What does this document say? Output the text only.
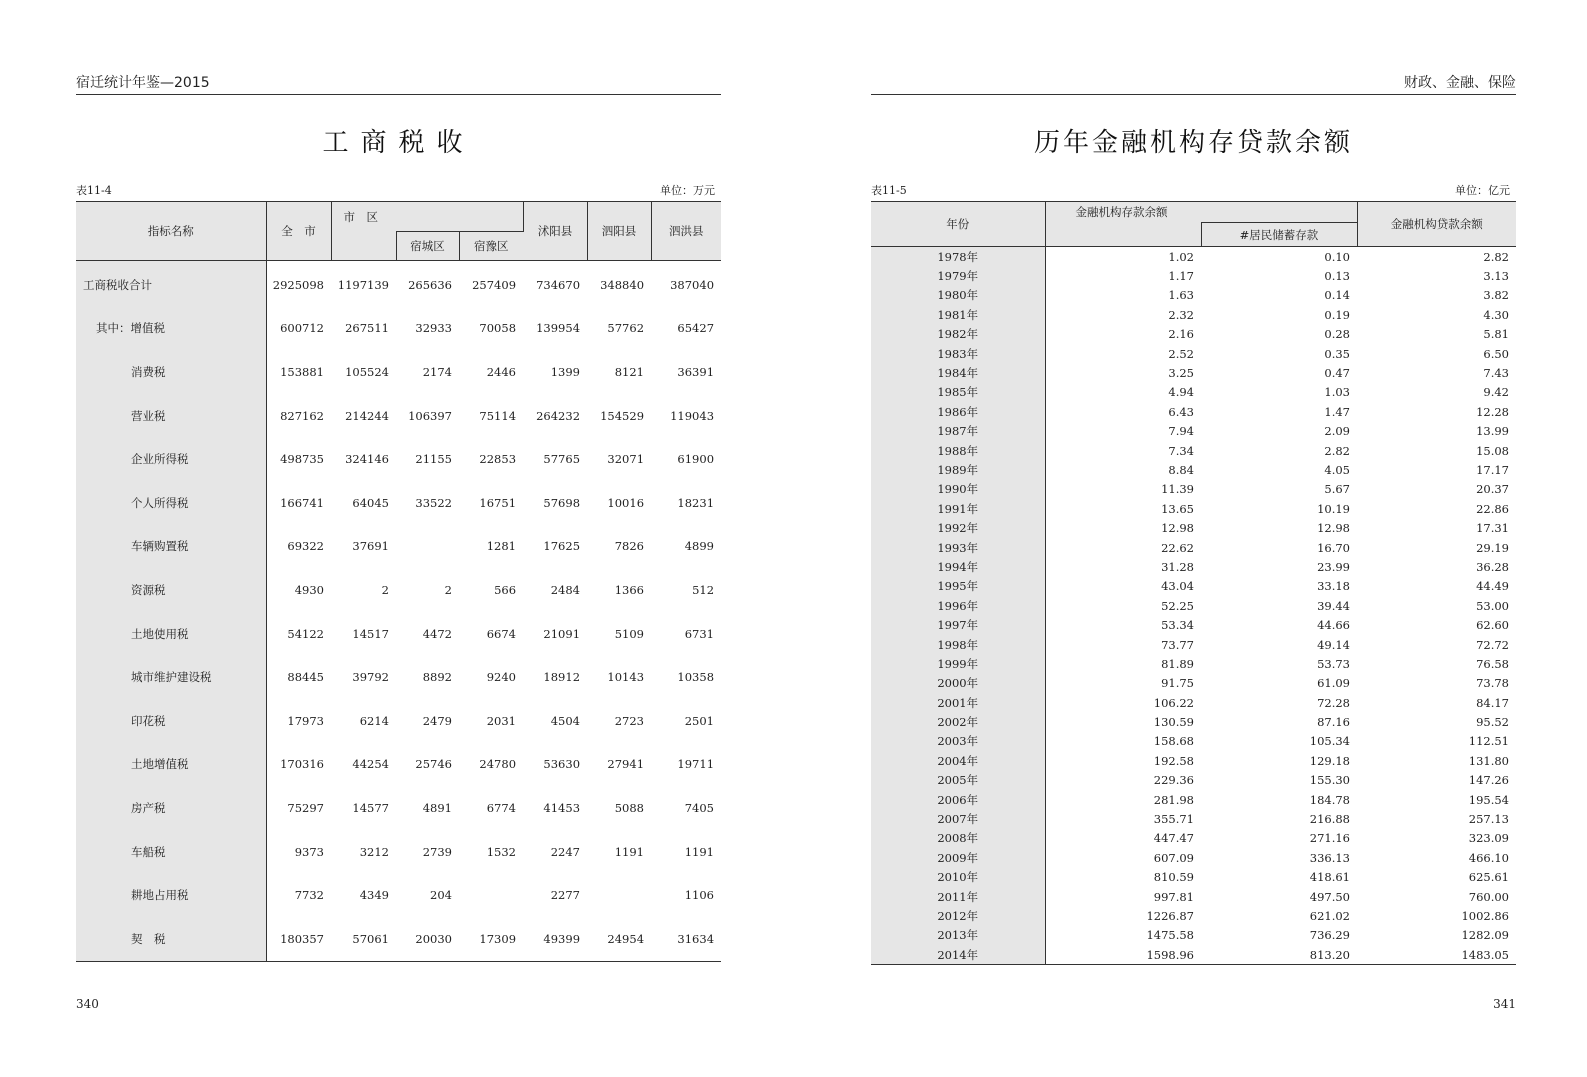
宿迁统计年鉴—2015
工商税收
表11-4	单位：万元
指标名称	全　市	市　区			沭阳县	泗阳县	泗洪县
			宿城区	宿豫区			
工商税收合计	2925098	1197139	265636	257409	734670	348840	387040
其中：增值税	600712	267511	32933	70058	139954	57762	65427
消费税	153881	105524	2174	2446	1399	8121	36391
营业税	827162	214244	106397	75114	264232	154529	119043
企业所得税	498735	324146	21155	22853	57765	32071	61900
个人所得税	166741	64045	33522	16751	57698	10016	18231
车辆购置税	69322	37691		1281	17625	7826	4899
资源税	4930	2	2	566	2484	1366	512
土地使用税	54122	14517	4472	6674	21091	5109	6731
城市维护建设税	88445	39792	8892	9240	18912	10143	10358
印花税	17973	6214	2479	2031	4504	2723	2501
土地增值税	170316	44254	25746	24780	53630	27941	19711
房产税	75297	14577	4891	6774	41453	5088	7405
车船税	9373	3212	2739	1532	2247	1191	1191
耕地占用税	7732	4349	204		2277		1106
契　税	180357	57061	20030	17309	49399	24954	31634
340
财政、金融、保险
历年金融机构存贷款余额
表11-5	单位：亿元
年份	金融机构存款余额		金融机构贷款余额
		#居民储蓄存款	
1978年	1.02	0.10	2.82
1979年	1.17	0.13	3.13
1980年	1.63	0.14	3.82
1981年	2.32	0.19	4.30
1982年	2.16	0.28	5.81
1983年	2.52	0.35	6.50
1984年	3.25	0.47	7.43
1985年	4.94	1.03	9.42
1986年	6.43	1.47	12.28
1987年	7.94	2.09	13.99
1988年	7.34	2.82	15.08
1989年	8.84	4.05	17.17
1990年	11.39	5.67	20.37
1991年	13.65	10.19	22.86
1992年	12.98	12.98	17.31
1993年	22.62	16.70	29.19
1994年	31.28	23.99	36.28
1995年	43.04	33.18	44.49
1996年	52.25	39.44	53.00
1997年	53.34	44.66	62.60
1998年	73.77	49.14	72.72
1999年	81.89	53.73	76.58
2000年	91.75	61.09	73.78
2001年	106.22	72.28	84.17
2002年	130.59	87.16	95.52
2003年	158.68	105.34	112.51
2004年	192.58	129.18	131.80
2005年	229.36	155.30	147.26
2006年	281.98	184.78	195.54
2007年	355.71	216.88	257.13
2008年	447.47	271.16	323.09
2009年	607.09	336.13	466.10
2010年	810.59	418.61	625.61
2011年	997.81	497.50	760.00
2012年	1226.87	621.02	1002.86
2013年	1475.58	736.29	1282.09
2014年	1598.96	813.20	1483.05
341
